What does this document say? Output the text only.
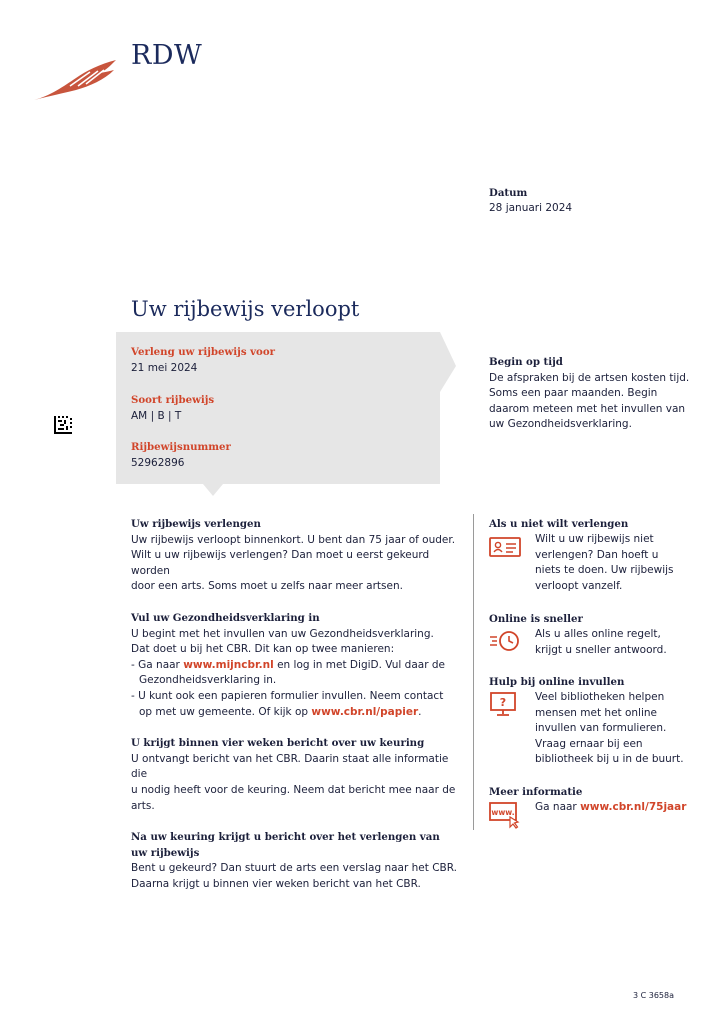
RDW
Datum
28 januari 2024
Uw rijbewijs verloopt
Verleng uw rijbewijs voor
21 mei 2024
Soort rijbewijs
AM | B | T
Rijbewijsnummer
52962896
Begin op tijd

De afspraken bij de artsen kosten tijd.

Soms een paar maanden. Begin

daarom meteen met het invullen van

uw Gezondheidsverklaring.

Uw rijbewijs verlengen

Uw rijbewijs verloopt binnenkort. U bent dan 75 jaar of ouder.

Wilt u uw rijbewijs verlengen? Dan moet u eerst gekeurd worden

door een arts. Soms moet u zelfs naar meer artsen.

Vul uw Gezondheidsverklaring in

U begint met het invullen van uw Gezondheidsverklaring.

Dat doet u bij het CBR. Dit kan op twee manieren:

- Ga naar www.mijncbr.nl en log in met DigiD. Vul daar de

Gezondheidsverklaring in.

- U kunt ook een papieren formulier invullen. Neem contact

op met uw gemeente. Of kijk op www.cbr.nl/papier.

U krijgt binnen vier weken bericht over uw keuring

U ontvangt bericht van het CBR. Daarin staat alle informatie die

u nodig heeft voor de keuring. Neem dat bericht mee naar de

arts.

Na uw keuring krijgt u bericht over het verlengen van
uw rijbewijs

Bent u gekeurd? Dan stuurt de arts een verslag naar het CBR.

Daarna krijgt u binnen vier weken bericht van het CBR.

Als u niet wilt verlengen

Wilt u uw rijbewijs niet

verlengen? Dan hoeft u

niets te doen. Uw rijbewijs

verloopt vanzelf.

Online is sneller

Als u alles online regelt,

krijgt u sneller antwoord.

Hulp bij online invullen
?	Veel bibliotheken helpen

mensen met het online

invullen van formulieren.

Vraag ernaar bij een

bibliotheek bij u in de buurt.

Meer informatie
www. Ga naar www.cbr.nl/75jaar

3 C 3658a
